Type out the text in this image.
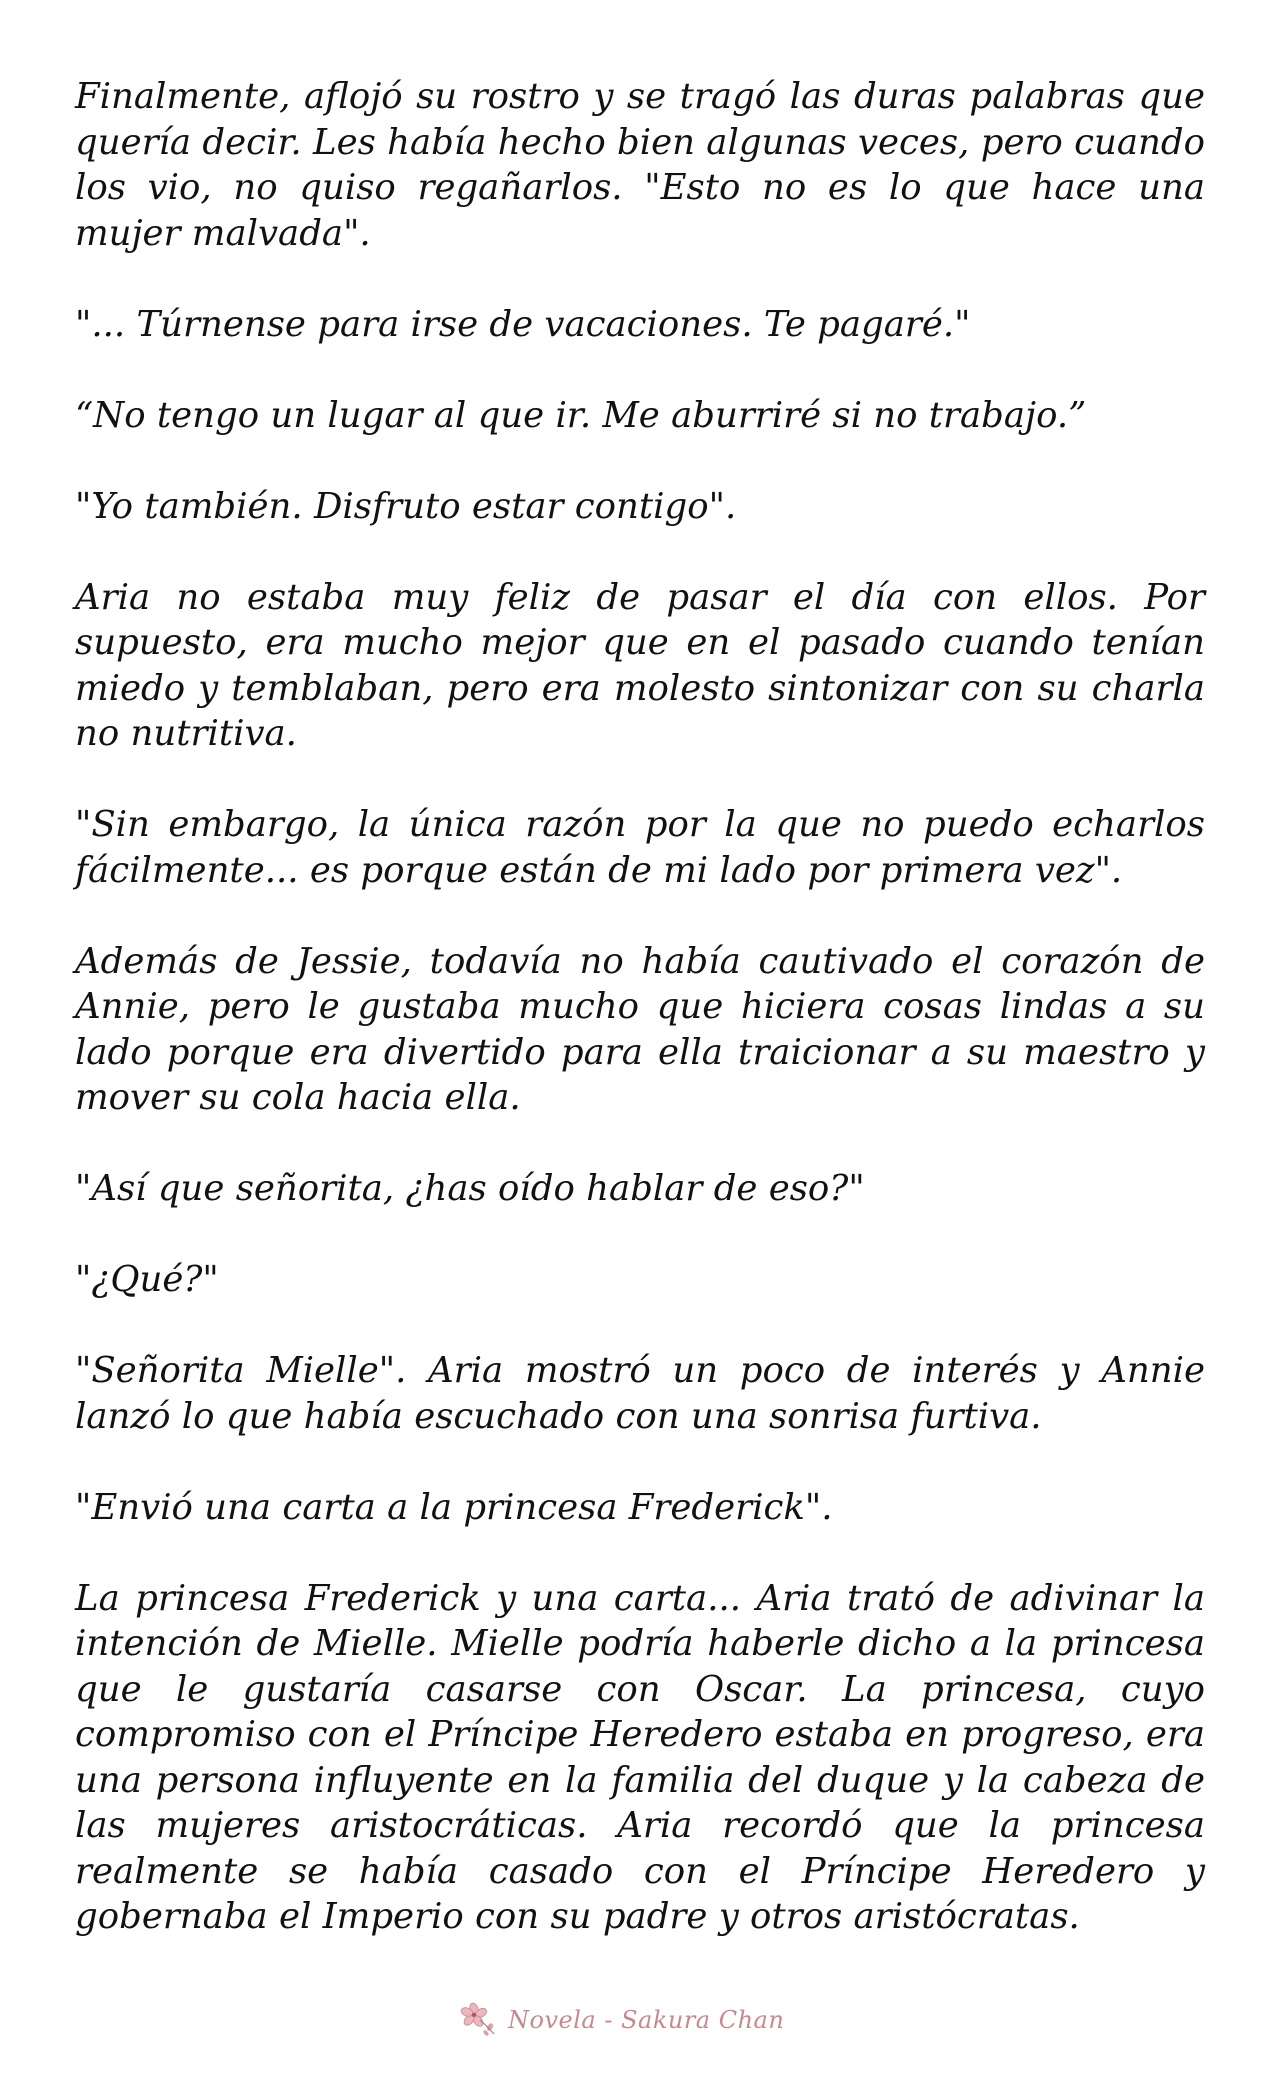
Finalmente, aflojó su rostro y se tragó las duras palabras que quería decir. Les había hecho bien algunas veces, pero cuando los vio, no quiso regañarlos. "Esto no es lo que hace una mujer malvada".

"... Túrnense para irse de vacaciones. Te pagaré."

“No tengo un lugar al que ir. Me aburriré si no trabajo.”

"Yo también. Disfruto estar contigo".

Aria no estaba muy feliz de pasar el día con ellos. Por supuesto, era mucho mejor que en el pasado cuando tenían miedo y temblaban, pero era molesto sintonizar con su charla no nutritiva.

"Sin embargo, la única razón por la que no puedo echarlos fácilmente... es porque están de mi lado por primera vez".

Además de Jessie, todavía no había cautivado el corazón de Annie, pero le gustaba mucho que hiciera cosas lindas a su lado porque era divertido para ella traicionar a su maestro y mover su cola hacia ella.

"Así que señorita, ¿has oído hablar de eso?"

"¿Qué?"

"Señorita Mielle". Aria mostró un poco de interés y Annie lanzó lo que había escuchado con una sonrisa furtiva.

"Envió una carta a la princesa Frederick".

La princesa Frederick y una carta... Aria trató de adivinar la intención de Mielle. Mielle podría haberle dicho a la princesa que le gustaría casarse con Oscar. La princesa, cuyo compromiso con el Príncipe Heredero estaba en progreso, era una persona influyente en la familia del duque y la cabeza de las mujeres aristocráticas. Aria recordó que la princesa realmente se había casado con el Príncipe Heredero y gobernaba el Imperio con su padre y otros aristócratas.

Novela - Sakura Chan
